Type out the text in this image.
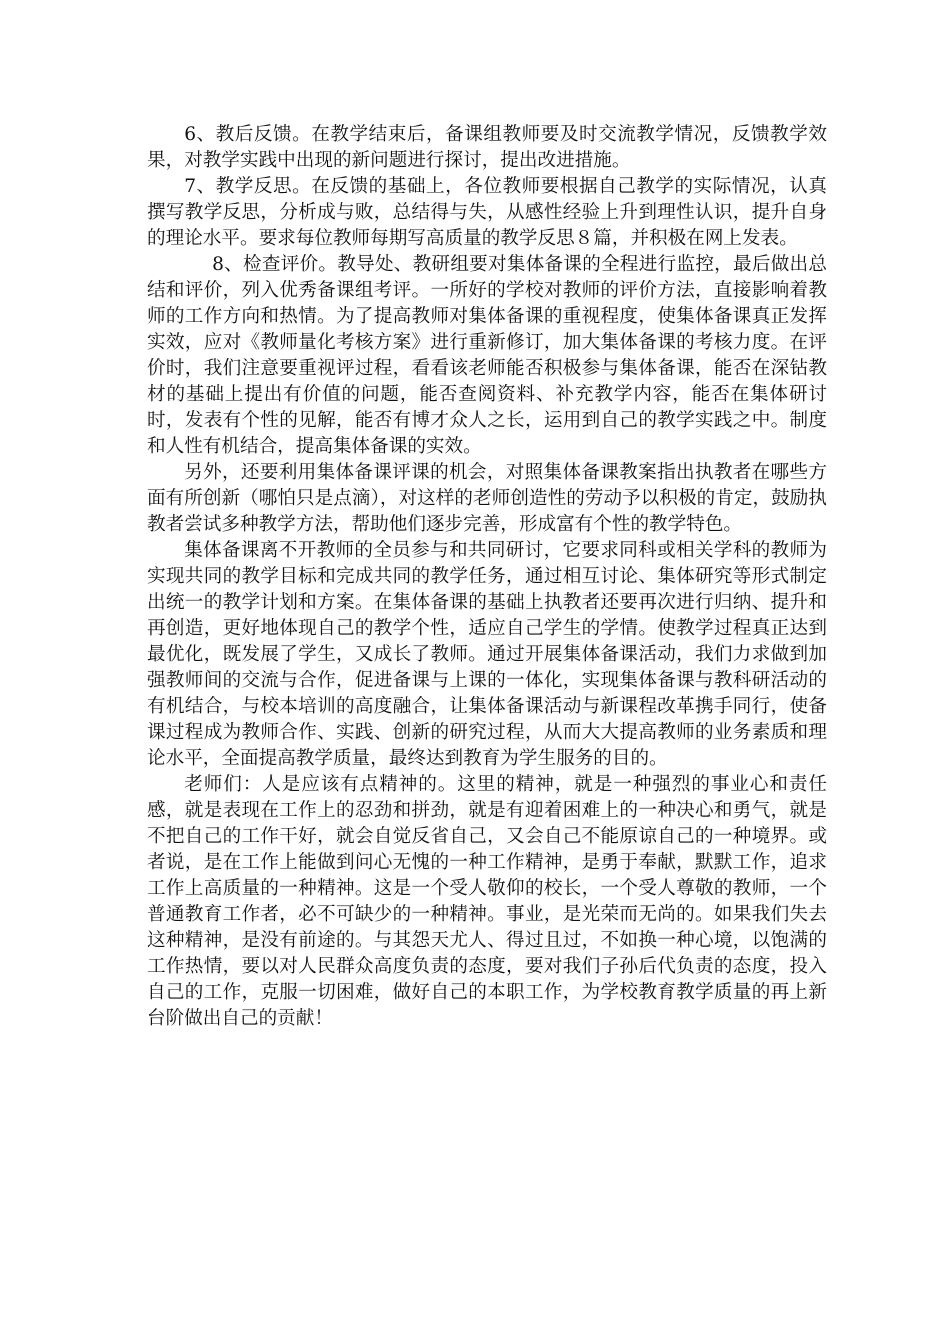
6、教后反馈。在教学结束后，备课组教师要及时交流教学情况，反馈教学效果，对教学实践中出现的新问题进行探讨，提出改进措施。

7、教学反思。在反馈的基础上，各位教师要根据自己教学的实际情况，认真撰写教学反思，分析成与败，总结得与失，从感性经验上升到理性认识，提升自身的理论水平。要求每位教师每期写高质量的教学反思８篇，并积极在网上发表。

8、检查评价。教导处、教研组要对集体备课的全程进行监控，最后做出总结和评价，列入优秀备课组考评。一所好的学校对教师的评价方法，直接影响着教师的工作方向和热情。为了提高教师对集体备课的重视程度，使集体备课真正发挥实效，应对《教师量化考核方案》进行重新修订，加大集体备课的考核力度。在评价时，我们注意要重视评过程，看看该老师能否积极参与集体备课，能否在深钻教材的基础上提出有价值的问题，能否查阅资料、补充教学内容，能否在集体研讨时，发表有个性的见解，能否有博才众人之长，运用到自己的教学实践之中。制度和人性有机结合，提高集体备课的实效。

另外，还要利用集体备课评课的机会，对照集体备课教案指出执教者在哪些方面有所创新（哪怕只是点滴），对这样的老师创造性的劳动予以积极的肯定，鼓励执教者尝试多种教学方法，帮助他们逐步完善，形成富有个性的教学特色。

集体备课离不开教师的全员参与和共同研讨，它要求同科或相关学科的教师为实现共同的教学目标和完成共同的教学任务，通过相互讨论、集体研究等形式制定出统一的教学计划和方案。在集体备课的基础上执教者还要再次进行归纳、提升和再创造，更好地体现自己的教学个性，适应自己学生的学情。使教学过程真正达到最优化，既发展了学生，又成长了教师。通过开展集体备课活动，我们力求做到加强教师间的交流与合作，促进备课与上课的一体化，实现集体备课与教科研活动的有机结合，与校本培训的高度融合，让集体备课活动与新课程改革携手同行，使备课过程成为教师合作、实践、创新的研究过程，从而大大提高教师的业务素质和理论水平，全面提高教学质量，最终达到教育为学生服务的目的。

老师们：人是应该有点精神的。这里的精神，就是一种强烈的事业心和责任感，就是表现在工作上的忍劲和拼劲，就是有迎着困难上的一种决心和勇气，就是不把自己的工作干好，就会自觉反省自己，又会自己不能原谅自己的一种境界。或者说，是在工作上能做到问心无愧的一种工作精神，是勇于奉献，默默工作，追求工作上高质量的一种精神。这是一个受人敬仰的校长，一个受人尊敬的教师，一个普通教育工作者，必不可缺少的一种精神。事业，是光荣而无尚的。如果我们失去这种精神，是没有前途的。与其怨天尤人、得过且过，不如换一种心境，以饱满的工作热情，要以对人民群众高度负责的态度，要对我们子孙后代负责的态度，投入自己的工作，克服一切困难，做好自己的本职工作，为学校教育教学质量的再上新台阶做出自己的贡献！
